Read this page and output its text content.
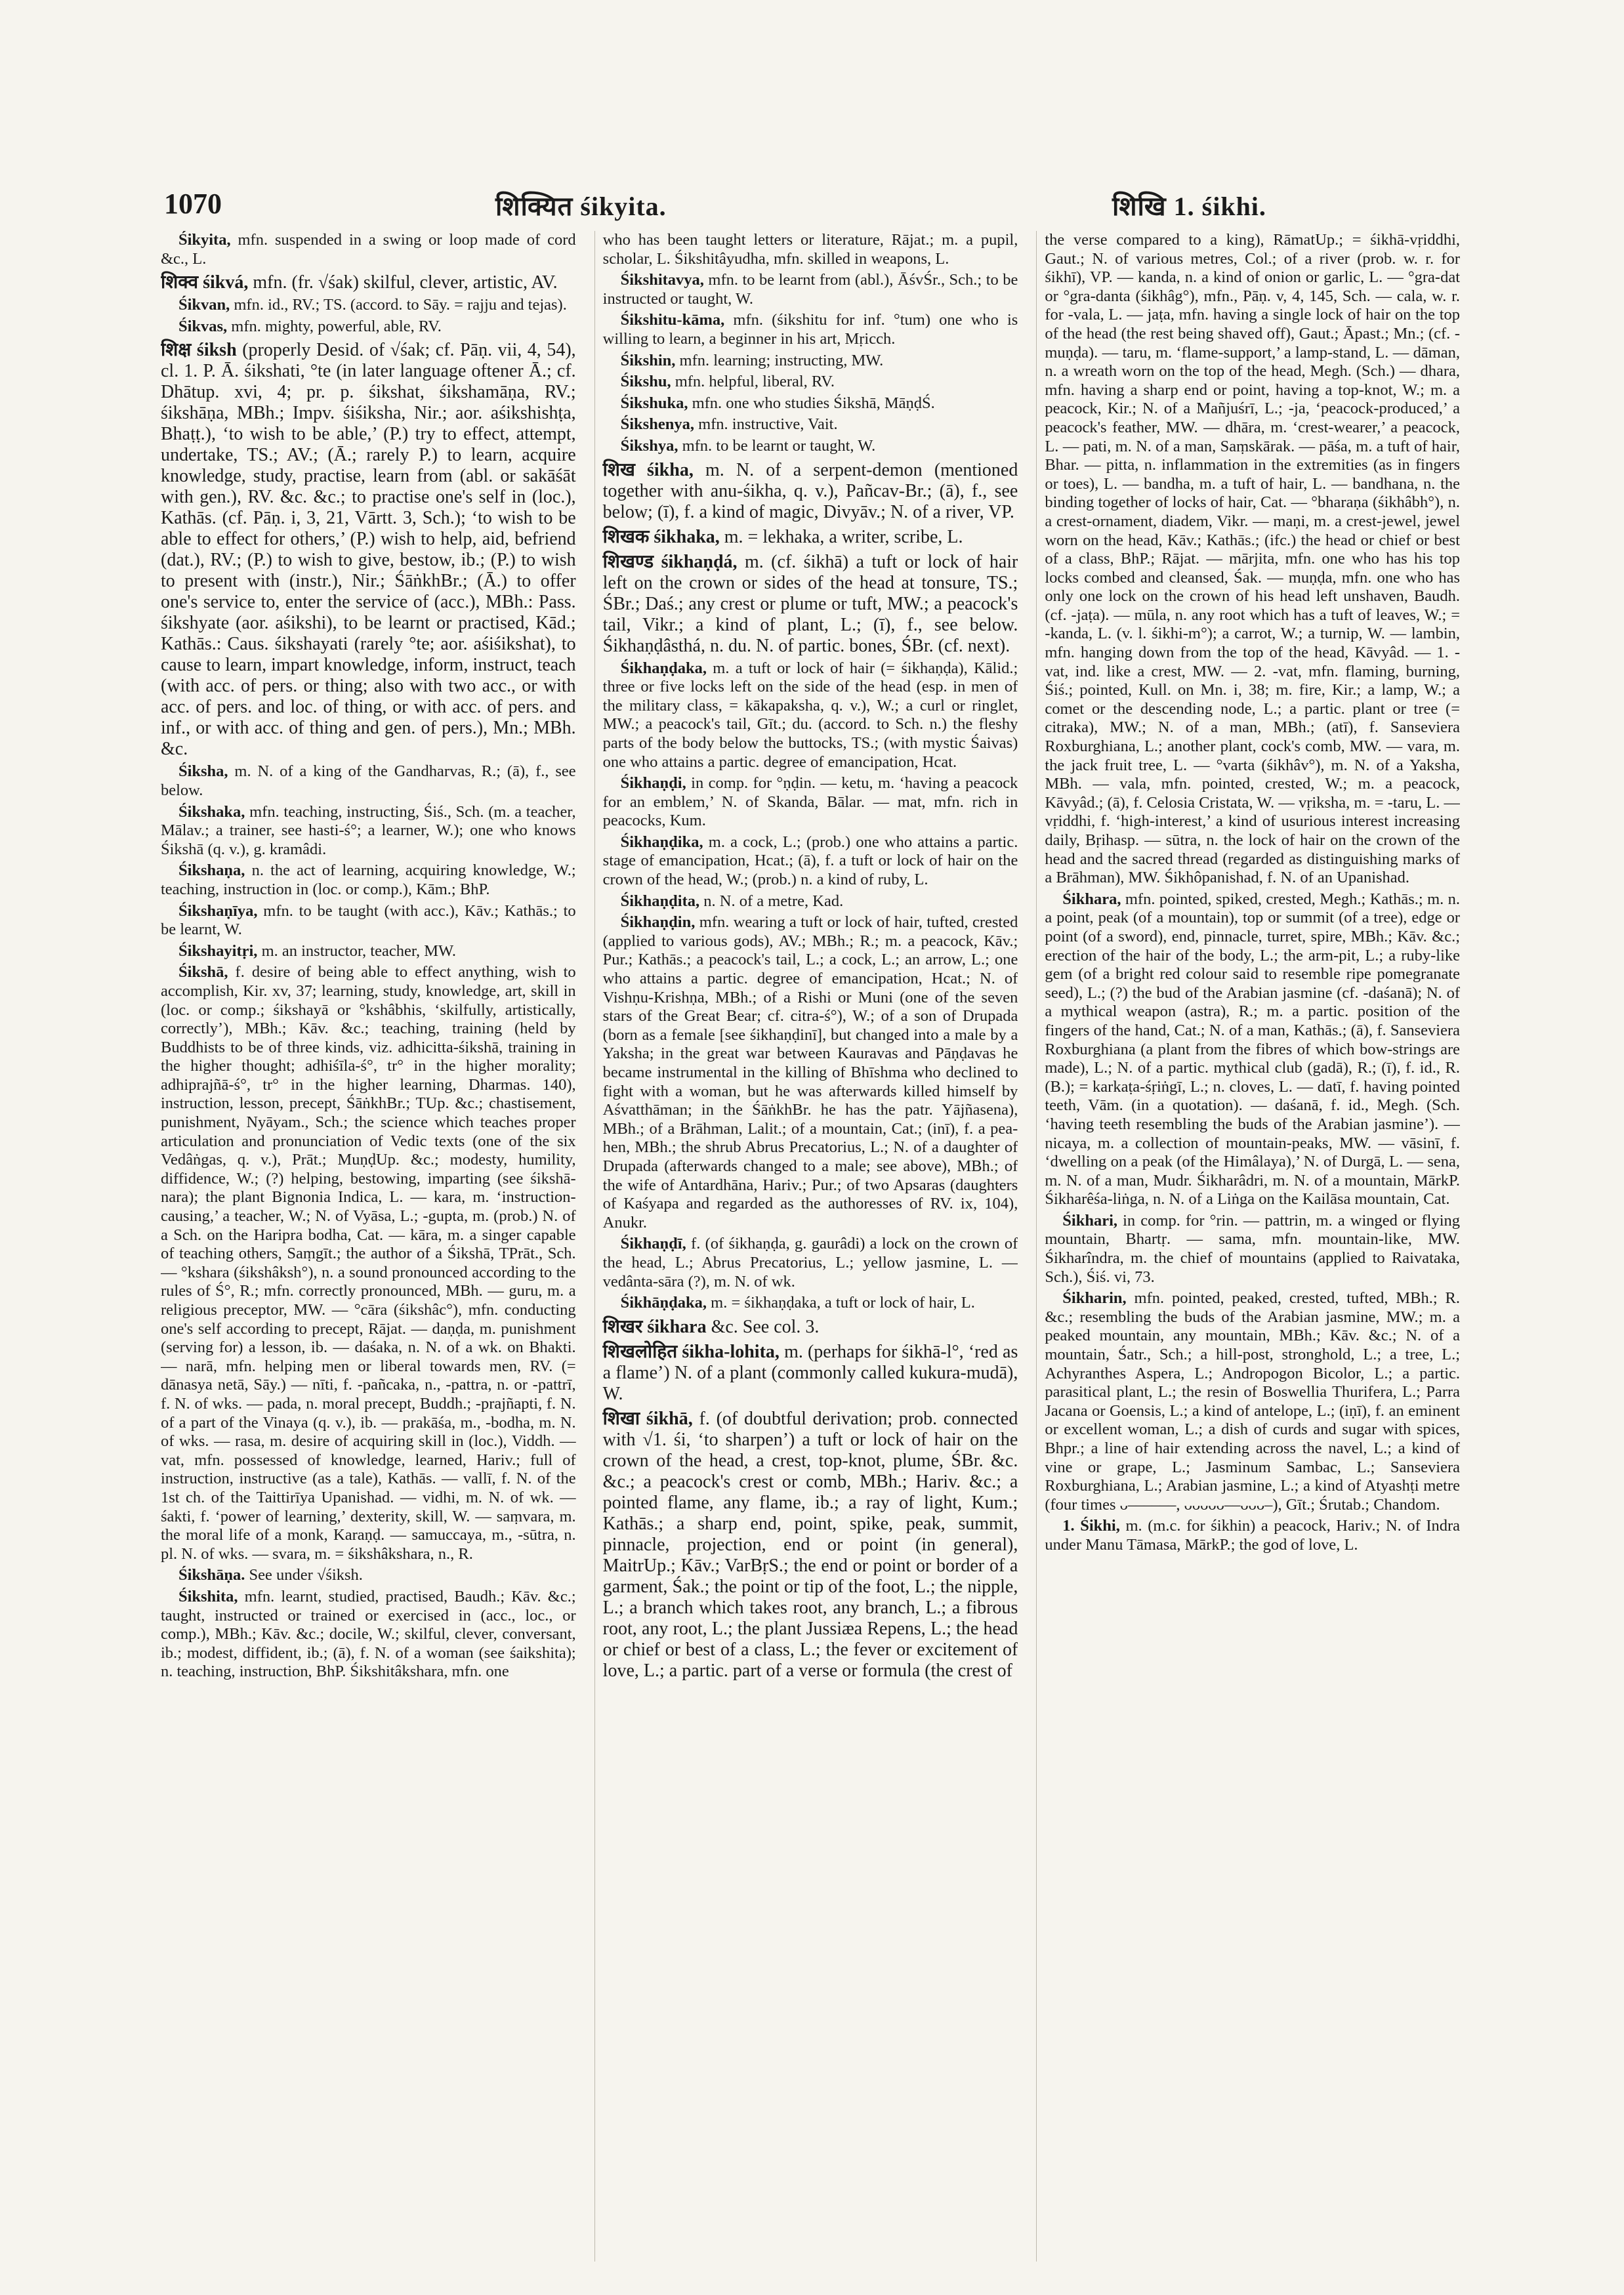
1070	शिक्यित śikyita.	शिखि 1. śikhi.

Śikyita, mfn. suspended in a swing or loop made of cord &c., L.

शिक्व śikvá, mfn. (fr. √śak) skilful, clever, artistic, AV.

Śikvan, mfn. id., RV.; TS. (accord. to Sāy. = rajju and tejas).

Śikvas, mfn. mighty, powerful, able, RV.

शिक्ष śiksh (properly Desid. of √śak; cf. Pāṇ. vii, 4, 54), cl. 1. P. Ā. śikshati, °te (in later language oftener Ā.; cf. Dhātup. xvi, 4; pr. p. śikshat, śikshamāṇa, RV.; śikshāṇa, MBh.; Impv. śiśiksha, Nir.; aor. aśikshishṭa, Bhaṭṭ.), ‘to wish to be able,’ (P.) try to effect, attempt, undertake, TS.; AV.; (Ā.; rarely P.) to learn, acquire knowledge, study, practise, learn from (abl. or sakāśāt with gen.), RV. &c. &c.; to practise one's self in (loc.), Kathās. (cf. Pāṇ. i, 3, 21, Vārtt. 3, Sch.); ‘to wish to be able to effect for others,’ (P.) wish to help, aid, befriend (dat.), RV.; (P.) to wish to give, bestow, ib.; (P.) to wish to present with (instr.), Nir.; ŚāṅkhBr.; (Ā.) to offer one's service to, enter the service of (acc.), MBh.: Pass. śikshyate (aor. aśikshi), to be learnt or practised, Kād.; Kathās.: Caus. śikshayati (rarely °te; aor. aśiśikshat), to cause to learn, impart knowledge, inform, instruct, teach (with acc. of pers. or thing; also with two acc., or with acc. of pers. and loc. of thing, or with acc. of pers. and inf., or with acc. of thing and gen. of pers.), Mn.; MBh. &c.

Śiksha, m. N. of a king of the Gandharvas, R.; (ā), f., see below.

Śikshaka, mfn. teaching, instructing, Śiś., Sch. (m. a teacher, Mālav.; a trainer, see hasti-ś°; a learner, W.); one who knows Śikshā (q. v.), g. kramâdi.

Śikshaṇa, n. the act of learning, acquiring knowledge, W.; teaching, instruction in (loc. or comp.), Kām.; BhP.

Śikshaṇīya, mfn. to be taught (with acc.), Kāv.; Kathās.; to be learnt, W.

Śikshayitṛi, m. an instructor, teacher, MW.

Śikshā, f. desire of being able to effect anything, wish to accomplish, Kir. xv, 37; learning, study, knowledge, art, skill in (loc. or comp.; śikshayā or °kshâbhis, ‘skilfully, artistically, correctly’), MBh.; Kāv. &c.; teaching, training (held by Buddhists to be of three kinds, viz. adhicitta-śikshā, training in the higher thought; adhiśīla-ś°, tr° in the higher morality; adhiprajñā-ś°, tr° in the higher learning, Dharmas. 140), instruction, lesson, precept, ŚāṅkhBr.; TUp. &c.; chastisement, punishment, Nyāyam., Sch.; the science which teaches proper articulation and pronunciation of Vedic texts (one of the six Vedâṅgas, q. v.), Prāt.; MuṇḍUp. &c.; modesty, humility, diffidence, W.; (?) helping, bestowing, imparting (see śikshā-nara); the plant Bignonia Indica, L. — kara, m. ‘instruction-causing,’ a teacher, W.; N. of Vyāsa, L.; -gupta, m. (prob.) N. of a Sch. on the Haripra bodha, Cat. — kāra, m. a singer capable of teaching others, Saṃgīt.; the author of a Śikshā, TPrāt., Sch. — °kshara (śikshâksh°), n. a sound pronounced according to the rules of Ś°, R.; mfn. correctly pronounced, MBh. — guru, m. a religious preceptor, MW. — °cāra (śikshâc°), mfn. conducting one's self according to precept, Rājat. — daṇḍa, m. punishment (serving for) a lesson, ib. — daśaka, n. N. of a wk. on Bhakti. — narā, mfn. helping men or liberal towards men, RV. (= dānasya netā, Sāy.) — nīti, f. -pañcaka, n., -pattra, n. or -pattrī, f. N. of wks. — pada, n. moral precept, Buddh.; -prajñapti, f. N. of a part of the Vinaya (q. v.), ib. — prakāśa, m., -bodha, m. N. of wks. — rasa, m. desire of acquiring skill in (loc.), Viddh. — vat, mfn. possessed of knowledge, learned, Hariv.; full of instruction, instructive (as a tale), Kathās. — vallī, f. N. of the 1st ch. of the Taittirīya Upanishad. — vidhi, m. N. of wk. — śakti, f. ‘power of learning,’ dexterity, skill, W. — saṃvara, m. the moral life of a monk, Karaṇḍ. — samuccaya, m., -sūtra, n. pl. N. of wks. — svara, m. = śikshâkshara, n., R.

Śikshāṇa. See under √śiksh.

Śikshita, mfn. learnt, studied, practised, Baudh.; Kāv. &c.; taught, instructed or trained or exercised in (acc., loc., or comp.), MBh.; Kāv. &c.; docile, W.; skilful, clever, conversant, ib.; modest, diffident, ib.; (ā), f. N. of a woman (see śaikshita); n. teaching, instruction, BhP. Śikshitâkshara, mfn. one

who has been taught letters or literature, Rājat.; m. a pupil, scholar, L. Śikshitâyudha, mfn. skilled in weapons, L.

Śikshitavya, mfn. to be learnt from (abl.), ĀśvŚr., Sch.; to be instructed or taught, W.

Śikshitu-kāma, mfn. (śikshitu for inf. °tum) one who is willing to learn, a beginner in his art, Mṛicch.

Śikshin, mfn. learning; instructing, MW.

Śikshu, mfn. helpful, liberal, RV.

Śikshuka, mfn. one who studies Śikshā, MāṇḍŚ.

Śikshenya, mfn. instructive, Vait.

Śikshya, mfn. to be learnt or taught, W.

शिख śikha, m. N. of a serpent-demon (mentioned together with anu-śikha, q. v.), Pañcav-Br.; (ā), f., see below; (ī), f. a kind of magic, Divyāv.; N. of a river, VP.

शिखक śikhaka, m. = lekhaka, a writer, scribe, L.

शिखण्ड śikhaṇḍá, m. (cf. śikhā) a tuft or lock of hair left on the crown or sides of the head at tonsure, TS.; ŚBr.; Daś.; any crest or plume or tuft, MW.; a peacock's tail, Vikr.; a kind of plant, L.; (ī), f., see below. Śikhaṇḍâsthá, n. du. N. of partic. bones, ŚBr. (cf. next).

Śikhaṇḍaka, m. a tuft or lock of hair (= śikhaṇḍa), Kālid.; three or five locks left on the side of the head (esp. in men of the military class, = kākapaksha, q. v.), W.; a curl or ringlet, MW.; a peacock's tail, Gīt.; du. (accord. to Sch. n.) the fleshy parts of the body below the buttocks, TS.; (with mystic Śaivas) one who attains a partic. degree of emancipation, Hcat.

Śikhaṇḍi, in comp. for °ṇḍin. — ketu, m. ‘having a peacock for an emblem,’ N. of Skanda, Bālar. — mat, mfn. rich in peacocks, Kum.

Śikhaṇḍika, m. a cock, L.; (prob.) one who attains a partic. stage of emancipation, Hcat.; (ā), f. a tuft or lock of hair on the crown of the head, W.; (prob.) n. a kind of ruby, L.

Śikhaṇḍita, n. N. of a metre, Kad.

Śikhaṇḍin, mfn. wearing a tuft or lock of hair, tufted, crested (applied to various gods), AV.; MBh.; R.; m. a peacock, Kāv.; Pur.; Kathās.; a peacock's tail, L.; a cock, L.; an arrow, L.; one who attains a partic. degree of emancipation, Hcat.; N. of Vishṇu-Krishṇa, MBh.; of a Rishi or Muni (one of the seven stars of the Great Bear; cf. citra-ś°), W.; of a son of Drupada (born as a female [see śikhaṇḍinī], but changed into a male by a Yaksha; in the great war between Kauravas and Pāṇḍavas he became instrumental in the killing of Bhīshma who declined to fight with a woman, but he was afterwards killed himself by Aśvatthāman; in the ŚāṅkhBr. he has the patr. Yājñasena), MBh.; of a Brāhman, Lalit.; of a mountain, Cat.; (inī), f. a pea-hen, MBh.; the shrub Abrus Precatorius, L.; N. of a daughter of Drupada (afterwards changed to a male; see above), MBh.; of the wife of Antardhāna, Hariv.; Pur.; of two Apsaras (daughters of Kaśyapa and regarded as the authoresses of RV. ix, 104), Anukr.

Śikhaṇḍī, f. (of śikhaṇḍa, g. gaurâdi) a lock on the crown of the head, L.; Abrus Precatorius, L.; yellow jasmine, L. — vedânta-sāra (?), m. N. of wk.

Śikhāṇḍaka, m. = śikhaṇḍaka, a tuft or lock of hair, L.

शिखर śikhara &c. See col. 3.

शिखलोहित śikha-lohita, m. (perhaps for śikhā-l°, ‘red as a flame’) N. of a plant (commonly called kukura-mudā), W.

शिखा śikhā, f. (of doubtful derivation; prob. connected with √1. śi, ‘to sharpen’) a tuft or lock of hair on the crown of the head, a crest, top-knot, plume, ŚBr. &c. &c.; a peacock's crest or comb, MBh.; Hariv. &c.; a pointed flame, any flame, ib.; a ray of light, Kum.; Kathās.; a sharp end, point, spike, peak, summit, pinnacle, projection, end or point (in general), MaitrUp.; Kāv.; VarBṛS.; the end or point or border of a garment, Śak.; the point or tip of the foot, L.; the nipple, L.; a branch which takes root, any branch, L.; a fibrous root, any root, L.; the plant Jussiæa Repens, L.; the head or chief or best of a class, L.; the fever or excitement of love, L.; a partic. part of a verse or formula (the crest of

the verse compared to a king), RāmatUp.; = śikhā-vṛiddhi, Gaut.; N. of various metres, Col.; of a river (prob. w. r. for śikhī), VP. — kanda, n. a kind of onion or garlic, L. — °gra-dat or °gra-danta (śikhâg°), mfn., Pāṇ. v, 4, 145, Sch. — cala, w. r. for -vala, L. — jaṭa, mfn. having a single lock of hair on the top of the head (the rest being shaved off), Gaut.; Āpast.; Mn.; (cf. -muṇḍa). — taru, m. ‘flame-support,’ a lamp-stand, L. — dāman, n. a wreath worn on the top of the head, Megh. (Sch.) — dhara, mfn. having a sharp end or point, having a top-knot, W.; m. a peacock, Kir.; N. of a Mañjuśrī, L.; -ja, ‘peacock-produced,’ a peacock's feather, MW. — dhāra, m. ‘crest-wearer,’ a peacock, L. — pati, m. N. of a man, Saṃskārak. — pāśa, m. a tuft of hair, Bhar. — pitta, n. inflammation in the extremities (as in fingers or toes), L. — bandha, m. a tuft of hair, L. — bandhana, n. the binding together of locks of hair, Cat. — °bharaṇa (śikhâbh°), n. a crest-ornament, diadem, Vikr. — maṇi, m. a crest-jewel, jewel worn on the head, Kāv.; Kathās.; (ifc.) the head or chief or best of a class, BhP.; Rājat. — mārjita, mfn. one who has his top locks combed and cleansed, Śak. — muṇḍa, mfn. one who has only one lock on the crown of his head left unshaven, Baudh. (cf. -jaṭa). — mūla, n. any root which has a tuft of leaves, W.; = -kanda, L. (v. l. śikhi-m°); a carrot, W.; a turnip, W. — lambin, mfn. hanging down from the top of the head, Kāvyâd. — 1. -vat, ind. like a crest, MW. — 2. -vat, mfn. flaming, burning, Śiś.; pointed, Kull. on Mn. i, 38; m. fire, Kir.; a lamp, W.; a comet or the descending node, L.; a partic. plant or tree (= citraka), MW.; N. of a man, MBh.; (atī), f. Sanseviera Roxburghiana, L.; another plant, cock's comb, MW. — vara, m. the jack fruit tree, L. — °varta (śikhâv°), m. N. of a Yaksha, MBh. — vala, mfn. pointed, crested, W.; m. a peacock, Kāvyâd.; (ā), f. Celosia Cristata, W. — vṛiksha, m. = -taru, L. — vṛiddhi, f. ‘high-interest,’ a kind of usurious interest increasing daily, Bṛihasp. — sūtra, n. the lock of hair on the crown of the head and the sacred thread (regarded as distinguishing marks of a Brāhman), MW. Śikhôpanishad, f. N. of an Upanishad.

Śikhara, mfn. pointed, spiked, crested, Megh.; Kathās.; m. n. a point, peak (of a mountain), top or summit (of a tree), edge or point (of a sword), end, pinnacle, turret, spire, MBh.; Kāv. &c.; erection of the hair of the body, L.; the arm-pit, L.; a ruby-like gem (of a bright red colour said to resemble ripe pomegranate seed), L.; (?) the bud of the Arabian jasmine (cf. -daśanā); N. of a mythical weapon (astra), R.; m. a partic. position of the fingers of the hand, Cat.; N. of a man, Kathās.; (ā), f. Sanseviera Roxburghiana (a plant from the fibres of which bow-strings are made), L.; N. of a partic. mythical club (gadā), R.; (ī), f. id., R. (B.); = karkaṭa-śṛiṅgī, L.; n. cloves, L. — datī, f. having pointed teeth, Vām. (in a quotation). — daśanā, f. id., Megh. (Sch. ‘having teeth resembling the buds of the Arabian jasmine’). — nicaya, m. a collection of mountain-peaks, MW. — vāsinī, f. ‘dwelling on a peak (of the Himâlaya),’ N. of Durgā, L. — sena, m. N. of a man, Mudr. Śikharâdri, m. N. of a mountain, MārkP. Śikharêśa-liṅga, n. N. of a Liṅga on the Kailāsa mountain, Cat.

Śikhari, in comp. for °rin. — pattrin, m. a winged or flying mountain, Bhartṛ. — sama, mfn. mountain-like, MW. Śikharîndra, m. the chief of mountains (applied to Raivataka, Sch.), Śiś. vi, 73.

Śikharin, mfn. pointed, peaked, crested, tufted, MBh.; R. &c.; resembling the buds of the Arabian jasmine, MW.; m. a peaked mountain, any mountain, MBh.; Kāv. &c.; N. of a mountain, Śatr., Sch.; a hill-post, stronghold, L.; a tree, L.; Achyranthes Aspera, L.; Andropogon Bicolor, L.; a partic. parasitical plant, L.; the resin of Boswellia Thurifera, L.; Parra Jacana or Goensis, L.; a kind of antelope, L.; (iṇī), f. an eminent or excellent woman, L.; a dish of curds and sugar with spices, Bhpr.; a line of hair extending across the navel, L.; a kind of vine or grape, L.; Jasminum Sambac, L.; Sanseviera Roxburghiana, L.; Arabian jasmine, L.; a kind of Atyashṭi metre (four times ᴗ––––––, ᴗᴗᴗᴗᴗ––ᴗᴗᴗ–), Gīt.; Śrutab.; Chandom.

1. Śikhi, m. (m.c. for śikhin) a peacock, Hariv.; N. of Indra under Manu Tāmasa, MārkP.; the god of love, L.
